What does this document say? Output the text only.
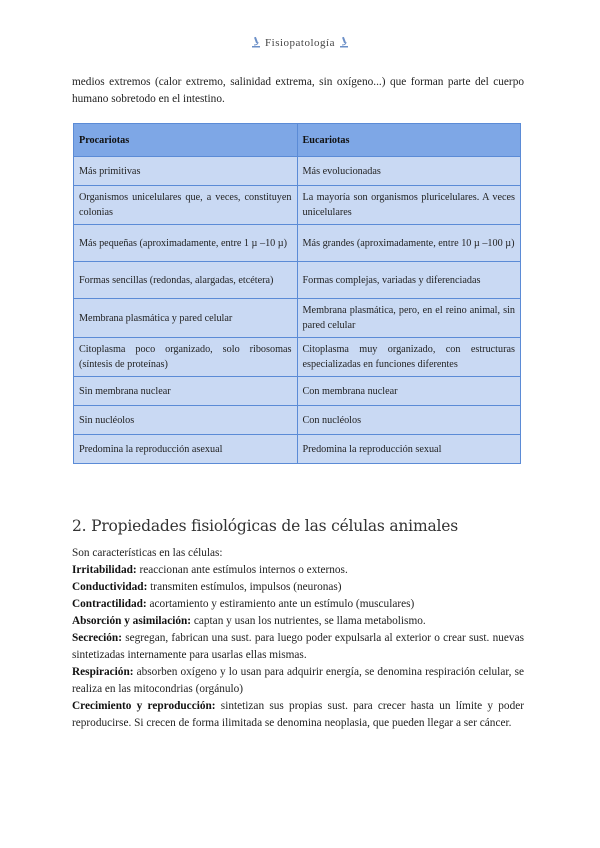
Fisiopatología
medios extremos (calor extremo, salinidad extrema, sin oxígeno...) que forman parte del cuerpo humano sobretodo en el intestino.
Procariotas	Eucariotas
Más primitivas	Más evolucionadas
Organismos unicelulares que, a veces, constituyen colonias	La mayoría son organismos pluricelulares. A veces unicelulares
Más pequeñas (aproximadamente, entre 1 µ –10 µ)	Más grandes (aproximadamente, entre 10 µ –100 µ)
Formas sencillas (redondas, alargadas, etcétera)	Formas complejas, variadas y diferenciadas
Membrana plasmática y pared celular	Membrana plasmática, pero, en el reino animal, sin pared celular
Citoplasma poco organizado, solo ribosomas (síntesis de proteínas)	Citoplasma muy organizado, con estructuras especializadas en funciones diferentes
Sin membrana nuclear	Con membrana nuclear
Sin nucléolos	Con nucléolos
Predomina la reproducción asexual	Predomina la reproducción sexual
2. Propiedades fisiológicas de las células animales

Son características en las células:

Irritabilidad: reaccionan ante estímulos internos o externos.

Conductividad: transmiten estímulos, impulsos (neuronas)

Contractilidad: acortamiento y estiramiento ante un estímulo (musculares)

Absorción y asimilación: captan y usan los nutrientes, se llama metabolismo.

Secreción: segregan, fabrican una sust. para luego poder expulsarla al exterior o crear sust. nuevas sintetizadas internamente para usarlas ellas mismas.

Respiración: absorben oxígeno y lo usan para adquirir energía, se denomina respiración celular, se realiza en las mitocondrias (orgánulo)

Crecimiento y reproducción: sintetizan sus propias sust. para crecer hasta un límite y poder reproducirse. Si crecen de forma ilimitada se denomina neoplasia, que pueden llegar a ser cáncer.
